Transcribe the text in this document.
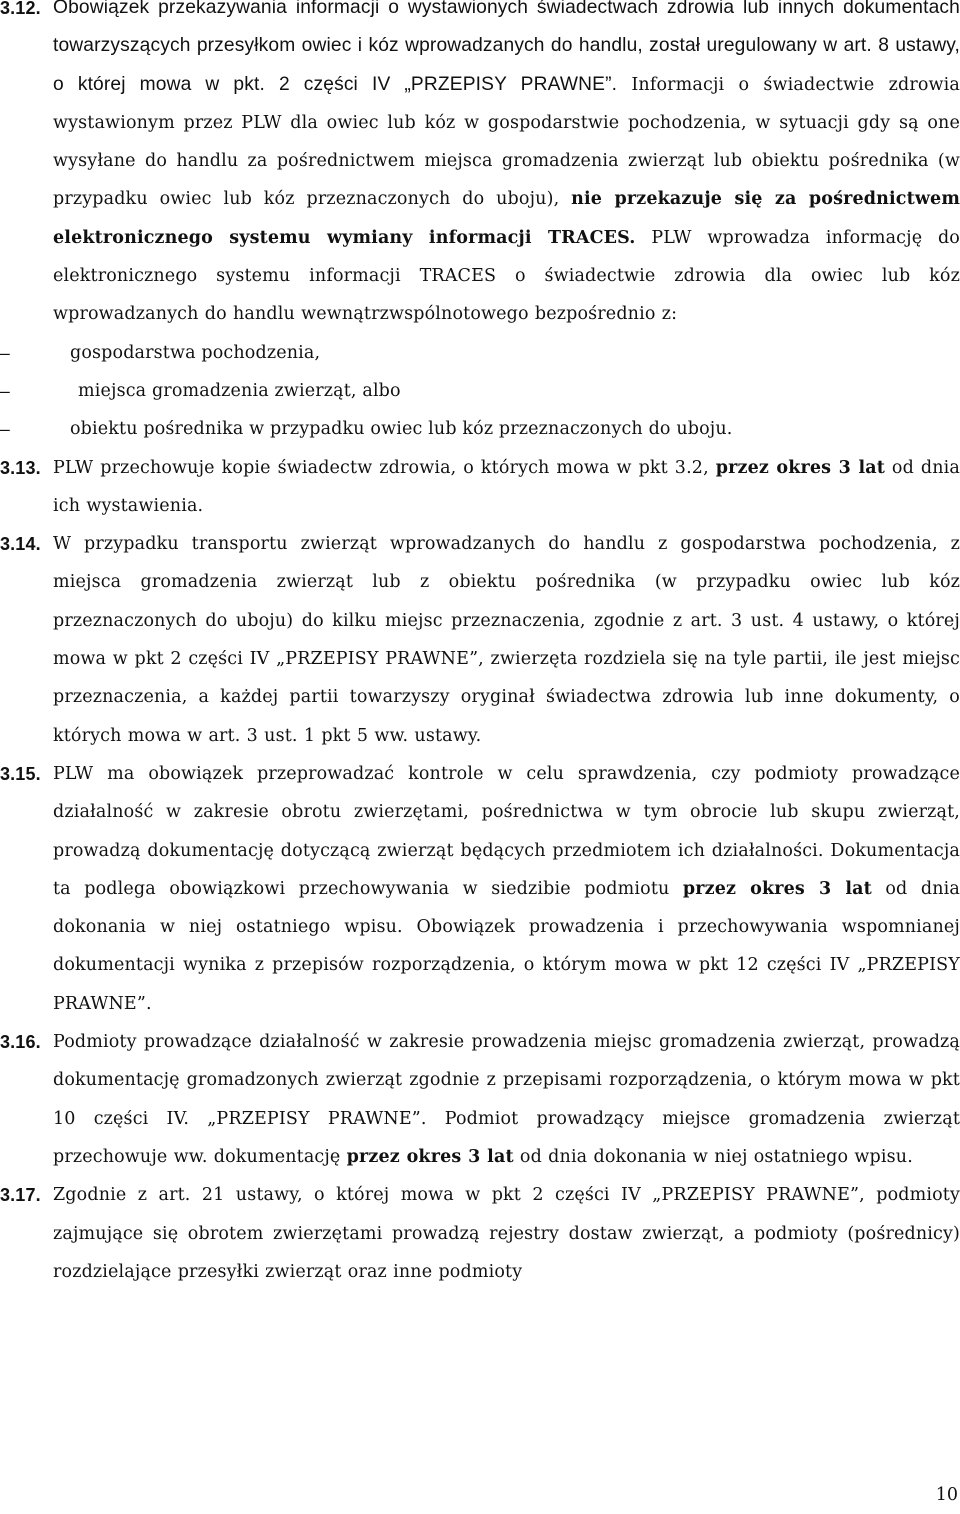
3.12. Obowiązek przekazywania informacji o wystawionych świadectwach zdrowia lub innych dokumentach towarzyszących przesyłkom owiec i kóz wprowadzanych do handlu, został uregulowany w art. 8 ustawy, o której mowa w pkt. 2 części IV „PRZEPISY PRAWNE”. Informacji o świadectwie zdrowia wystawionym przez PLW dla owiec lub kóz w gospodarstwie pochodzenia, w sytuacji gdy są one wysyłane do handlu za pośrednictwem miejsca gromadzenia zwierząt lub obiektu pośrednika (w przypadku owiec lub kóz przeznaczonych do uboju), nie przekazuje się za pośrednictwem elektronicznego systemu wymiany informacji TRACES. PLW wprowadza informację do elektronicznego systemu informacji TRACES o świadectwie zdrowia dla owiec lub kóz wprowadzanych do handlu wewnątrzwspólnotowego bezpośrednio z:
–	gospodarstwa pochodzenia,
–	miejsca gromadzenia zwierząt, albo
–	obiektu pośrednika w przypadku owiec lub kóz przeznaczonych do uboju.
3.13. PLW przechowuje kopie świadectw zdrowia, o których mowa w pkt 3.2, przez okres 3 lat od dnia ich wystawienia.
3.14. W przypadku transportu zwierząt wprowadzanych do handlu z gospodarstwa pochodzenia, z miejsca gromadzenia zwierząt lub z obiektu pośrednika (w przypadku owiec lub kóz przeznaczonych do uboju) do kilku miejsc przeznaczenia, zgodnie z art. 3 ust. 4 ustawy, o której mowa w pkt 2 części IV „PRZEPISY PRAWNE”, zwierzęta rozdziela się na tyle partii, ile jest miejsc przeznaczenia, a każdej partii towarzyszy oryginał świadectwa zdrowia lub inne dokumenty, o których mowa w art. 3 ust. 1 pkt 5 ww. ustawy.
3.15. PLW ma obowiązek przeprowadzać kontrole w celu sprawdzenia, czy podmioty prowadzące działalność w zakresie obrotu zwierzętami, pośrednictwa w tym obrocie lub skupu zwierząt, prowadzą dokumentację dotyczącą zwierząt będących przedmiotem ich działalności. Dokumentacja ta podlega obowiązkowi przechowywania w siedzibie podmiotu przez okres 3 lat od dnia dokonania w niej ostatniego wpisu. Obowiązek prowadzenia i przechowywania wspomnianej dokumentacji wynika z przepisów rozporządzenia, o którym mowa w pkt 12 części IV „PRZEPISY PRAWNE”.
3.16. Podmioty prowadzące działalność w zakresie prowadzenia miejsc gromadzenia zwierząt, prowadzą dokumentację gromadzonych zwierząt zgodnie z przepisami rozporządzenia, o którym mowa w pkt 10 części IV. „PRZEPISY PRAWNE”. Podmiot prowadzący miejsce gromadzenia zwierząt przechowuje ww. dokumentację przez okres 3 lat od dnia dokonania w niej ostatniego wpisu.
3.17. Zgodnie z art. 21 ustawy, o której mowa w pkt 2 części IV „PRZEPISY PRAWNE”, podmioty zajmujące się obrotem zwierzętami prowadzą rejestry dostaw zwierząt, a podmioty (pośrednicy) rozdzielające przesyłki zwierząt oraz inne podmioty
10
